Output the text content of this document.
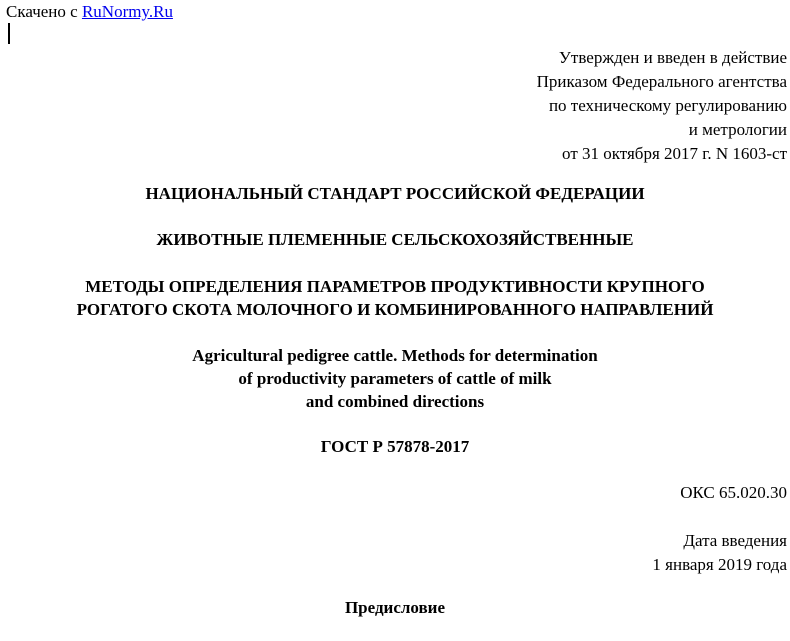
Скачено с RuNormy.Ru
Утвержден и введен в действие
Приказом Федерального агентства
по техническому регулированию
и метрологии
от 31 октября 2017 г. N 1603-ст
НАЦИОНАЛЬНЫЙ СТАНДАРТ РОССИЙСКОЙ ФЕДЕРАЦИИ
ЖИВОТНЫЕ ПЛЕМЕННЫЕ СЕЛЬСКОХОЗЯЙСТВЕННЫЕ
МЕТОДЫ ОПРЕДЕЛЕНИЯ ПАРАМЕТРОВ ПРОДУКТИВНОСТИ КРУПНОГО
РОГАТОГО СКОТА МОЛОЧНОГО И КОМБИНИРОВАННОГО НАПРАВЛЕНИЙ
Agricultural pedigree cattle. Methods for determination
of productivity parameters of cattle of milk
and combined directions
ГОСТ Р 57878-2017
ОКС 65.020.30
Дата введения
1 января 2019 года
Предисловие
